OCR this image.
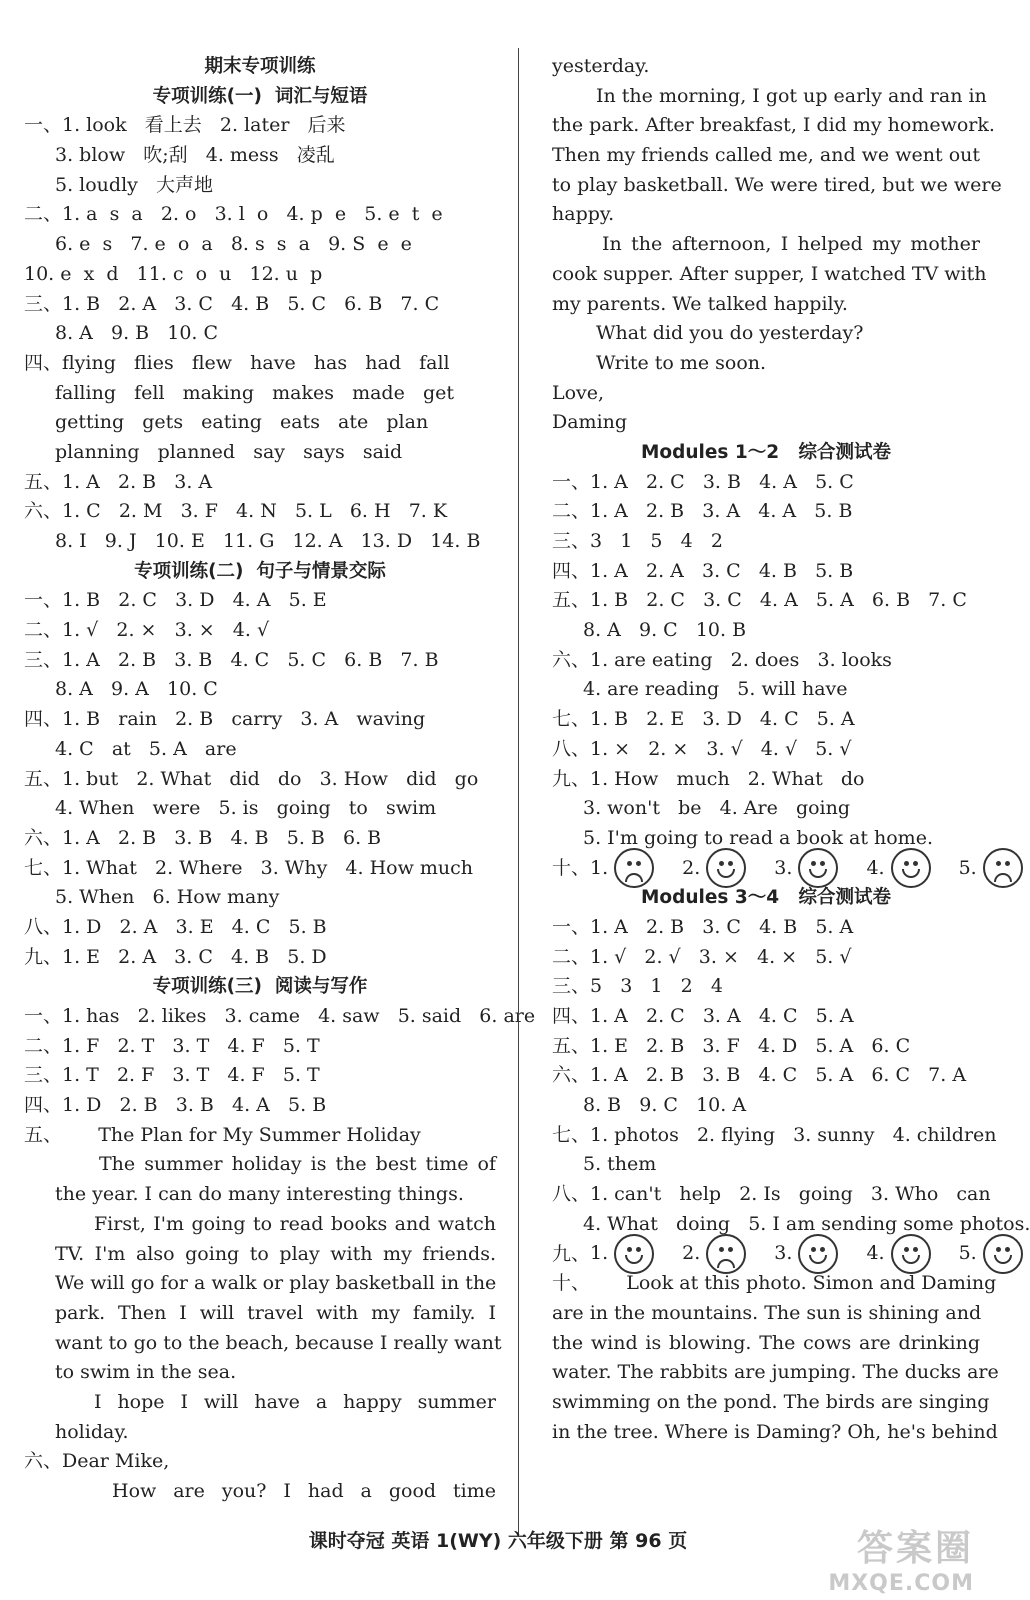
期末专项训练
专项训练(一)  词汇与短语
一、1. look   看上去   2. later   后来
3. blow   吹;刮   4. mess   凌乱
5. loudly   大声地
二、1. a  s  a   2. o   3. l  o   4. p  e   5. e  t  e
6. e  s   7. e  o  a   8. s  s  a   9. S  e  e
10. e  x  d   11. c  o  u   12. u  p
三、1. B   2. A   3. C   4. B   5. C   6. B   7. C
8. A   9. B   10. C
四、flying   flies   flew   have   has   had   fall
falling   fell   making   makes   made   get
getting   gets   eating   eats   ate   plan
planning   planned   say   says   said
五、1. A   2. B   3. A
六、1. C   2. M   3. F   4. N   5. L   6. H   7. K
8. I   9. J   10. E   11. G   12. A   13. D   14. B
专项训练(二)  句子与情景交际
一、1. B   2. C   3. D   4. A   5. E
二、1. √   2. ×   3. ×   4. √
三、1. A   2. B   3. B   4. C   5. C   6. B   7. B
8. A   9. A   10. C
四、1. B   rain   2. B   carry   3. A   waving
4. C   at   5. A   are
五、1. but   2. What   did   do   3. How   did   go
4. When   were   5. is   going   to   swim
六、1. A   2. B   3. B   4. B   5. B   6. B
七、1. What   2. Where   3. Why   4. How much
5. When   6. How many
八、1. D   2. A   3. E   4. C   5. B
九、1. E   2. A   3. C   4. B   5. D
专项训练(三)  阅读与写作
一、1. has   2. likes   3. came   4. saw   5. said   6. are
二、1. F   2. T   3. T   4. F   5. T
三、1. T   2. F   3. T   4. F   5. T
四、1. D   2. B   3. B   4. A   5. B
五、      The Plan for My Summer Holiday
The summer holiday is the best time of
the year. I can do many interesting things.
First, I'm going to read books and watch
TV. I'm also going to play with my friends.
We will go for a walk or play basketball in the
park. Then I will travel with my family. I
want to go to the beach, because I really want
to swim in the sea.
I hope I will have a happy summer
holiday.
六、Dear Mike,
How are you? I had a good time
yesterday.
In the morning, I got up early and ran in
the park. After breakfast, I did my homework.
Then my friends called me, and we went out
to play basketball. We were tired, but we were
happy.
In the afternoon, I helped my mother
cook supper. After supper, I watched TV with
my parents. We talked happily.
What did you do yesterday?
Write to me soon.
Love,
Daming
Modules 1～2   综合测试卷
一、1. A   2. C   3. B   4. A   5. C
二、1. A   2. B   3. A   4. A   5. B
三、3   1   5   4   2
四、1. A   2. A   3. C   4. B   5. B
五、1. B   2. C   3. C   4. A   5. A   6. B   7. C
8. A   9. C   10. B
六、1. are eating   2. does   3. looks
4. are reading   5. will have
七、1. B   2. E   3. D   4. C   5. A
八、1. ×   2. ×   3. √   4. √   5. √
九、1. How   much   2. What   do
3. won't   be   4. Are   going
5. I'm going to read a book at home.
十、 1.	2.	3.	4.	5.
Modules 3～4   综合测试卷
一、1. A   2. B   3. C   4. B   5. A
二、1. √   2. √   3. ×   4. ×   5. √
三、5   3   1   2   4
四、1. A   2. C   3. A   4. C   5. A
五、1. E   2. B   3. F   4. D   5. A   6. C
六、1. A   2. B   3. B   4. C   5. A   6. C   7. A
8. B   9. C   10. A
七、1. photos   2. flying   3. sunny   4. children
5. them
八、1. can't   help   2. Is   going   3. Who   can
4. What   doing   5. I am sending some photos.
九、 1.	2.	3.	4.	5.
十、      Look at this photo. Simon and Daming
are in the mountains. The sun is shining and
the wind is blowing. The cows are drinking
water. The rabbits are jumping. The ducks are
swimming on the pond. The birds are singing
in the tree. Where is Daming? Oh, he's behind
课时夺冠 英语 1(WY) 六年级下册 第 96 页	答案圈
MXQE.COM
